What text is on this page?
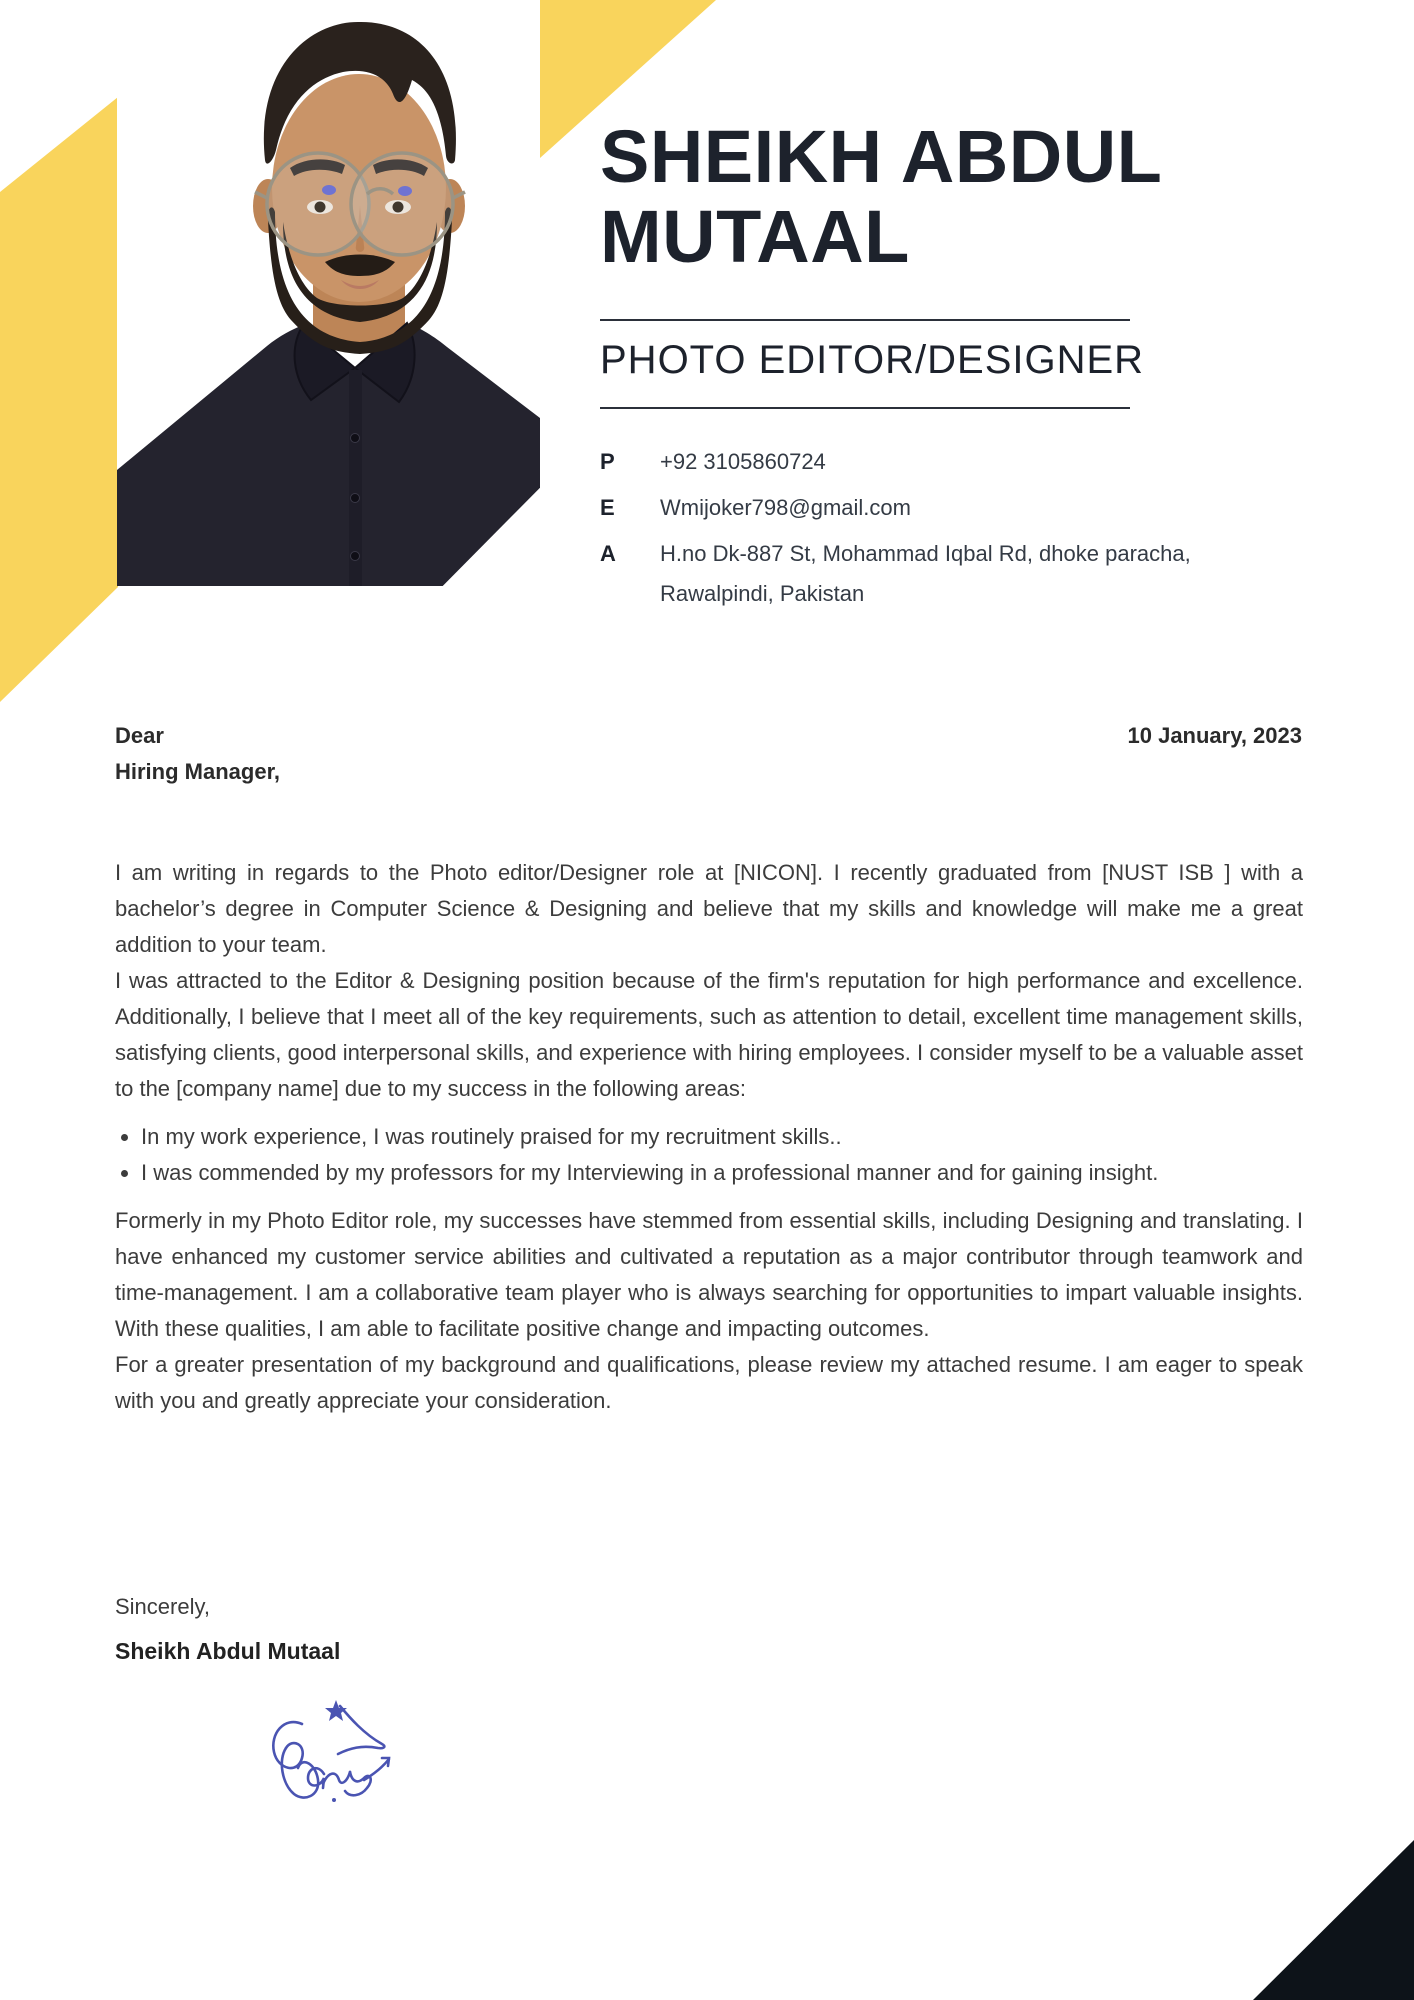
SHEIKH ABDUL MUTAAL
PHOTO EDITOR/DESIGNER
P	+92 3105860724
E	Wmijoker798@gmail.com
A	H.no Dk-887 St, Mohammad Iqbal Rd, dhoke paracha,
Rawalpindi, Pakistan
10 January, 2023
Dear
Hiring Manager,

I am writing in regards to the Photo editor/Designer role at [NICON]. I recently graduated from [NUST ISB ] with a bachelor’s degree in Computer Science & Designing and believe that my skills and knowledge will make me a great addition to your team.

I was attracted to the Editor & Designing position because of the firm's reputation for high performance and excellence. Additionally, I believe that I meet all of the key requirements, such as attention to detail, excellent time management skills, satisfying clients, good interpersonal skills, and experience with hiring employees. I consider myself to be a valuable asset to the [company name] due to my success in the following areas:

• In my work experience, I was routinely praised for my recruitment skills..
• I was commended by my professors for my Interviewing in a professional manner and for gaining insight.

Formerly in my Photo Editor role, my successes have stemmed from essential skills, including Designing and translating. I have enhanced my customer service abilities and cultivated a reputation as a major contributor through teamwork and time-management. I am a collaborative team player who is always searching for opportunities to impart valuable insights. With these qualities, I am able to facilitate positive change and impacting outcomes.

For a greater presentation of my background and qualifications, please review my attached resume. I am eager to speak with you and greatly appreciate your consideration.

Sincerely,
Sheikh Abdul Mutaal
